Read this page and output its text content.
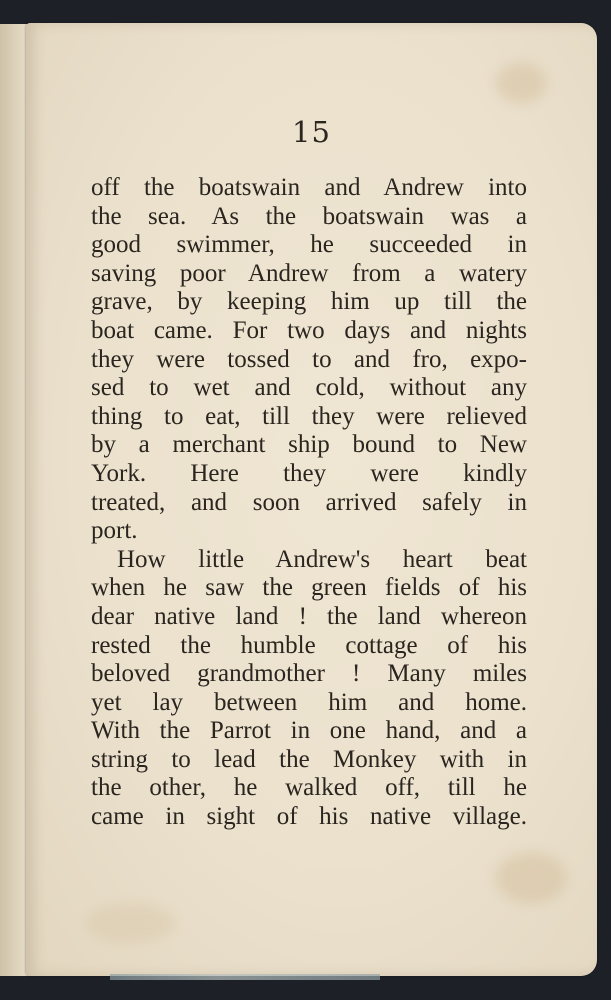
15
off the boatswain and Andrew into
the sea. As the boatswain was a
good swimmer, he succeeded in
saving poor Andrew from a watery
grave, by keeping him up till the
boat came. For two days and nights
they were tossed to and fro, expo-
sed to wet and cold, without any
thing to eat, till they were relieved
by a merchant ship bound to New
York. Here they were kindly
treated, and soon arrived safely in
port.
How little Andrew's heart beat
when he saw the green fields of his
dear native land ! the land whereon
rested the humble cottage of his
beloved grandmother ! Many miles
yet lay between him and home.
With the Parrot in one hand, and a
string to lead the Monkey with in
the other, he walked off, till he
came in sight of his native village.
